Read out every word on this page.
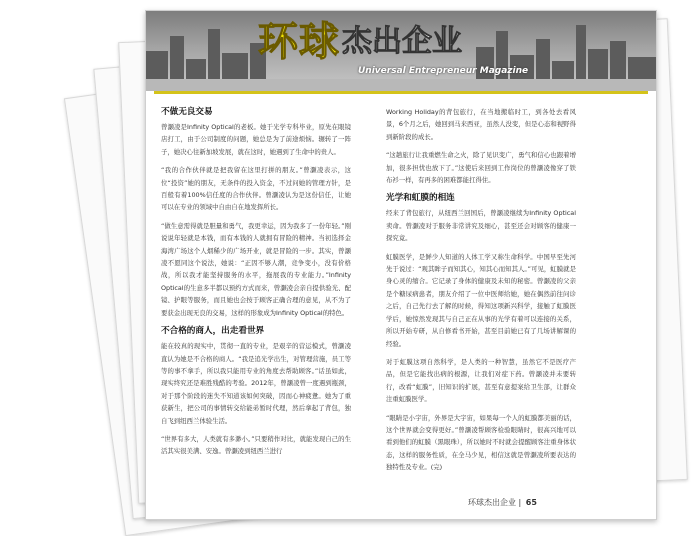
环球 杰出企业
Universal Entrepreneur Magazine
不做无良交易
曾灏凌是Infinity Optical的老板。她于光学专科毕业，原先在眼镜店打工，由于公司制度的问题，她总是为了前途烦恼。辗转了一阵子，她决心往新加坡发展，就在这时，她遇到了生命中的贵人。
“我的合作伙伴就是把我留在这里打拼的朋友。”曾灏凌表示，这位“投资”她的朋友，无条件的投入资金，不过问她的管理方针，是百般有着100%信任度的合作伙伴。曾灏凌认为是这份信任，让她可以在专业的领域中自由自在地发挥所长。
“做生意需得就是胆量和勇气，我更幸运，因为我多了一份年轻。”刚说说年轻就是本钱，而有本钱的人就拥有冒险的精神。当初选择金海湾广场这个人烟稀少的广场开业，就是冒险的一步。其实，曾灏凌不愿同这个说法，她说：“正因不够人潮，竞争变小，没有价格战，所以我才能坚持服务的水平，拖展我的专业能力。”Infinity Optical的生意多半都以预约方式而来，曾灏凌会亲自提供验光、配镜、护眼等服务，而且她也会按于顾客正确合理的意见，从不为了要获金出现无良的交易，这样的形象成为Infinity Optical的特色。
不合格的商人，出走看世界
能在较真的现实中，贯彻一直的专业，是艰辛的营运模式，曾灏凌直认为她是不合格的商人。“我是追光学出生，对管理营施，员工等等的事不拿手，所以我只能用专业的角度去帮助顾客。”话虽如此，现实终究还是难胜残酷的考验。2012年，曾灏凌曾一度遇到瓶颈，对于那个阶段的迷失不知道该如何突破，因而心神疲惫。她为了重获新生，把公司的事情转交给能弟暂时代理，然后拿起了背包，独自飞到纽西兰体验生活。
“世界有多大，人类就有多渺小。”只要稍作对比，就能发现自己的生活其实很美满、安逸。曾灏凌到纽西兰进行
Working Holiday的背包旅行，在当地搬临时工，到各处去看风景，6个月之后，她回到马来西亚，虽然人没变，但是心态和视野得到新阶段的成长。
“这趟旅行让我重燃生命之火，除了见识变广，勇气和信心也跟着增加，很多担忧也放下了。”这使后来回到工作岗位的曾灏凌像穿了铁布衫一样，有再多的困难都能扛得住。
光学和虹膜的相连
经来了背包旅行，从纽西兰回国后，曾灏凌继续为Infinity Optical卖命。曾灏凌对于服务非常讲究及细心，甚至还会对顾客的健康一探究竟。
虹膜医学，是鲜少人知道的人体工学又称生命科学。中国早至先河先于说过：“观其眸子而知其心，知其心而知其人。”可见，虹膜就是身心灵的缩合。它记录了身体的健康及未知的秘密。曾灏凌的父亲是个糖尿病患者，朋友介绍了一位中医师给她，她在偶然前往问诊之后，自己先行去了解的时候，得知这项新兴科学，接触了虹膜医学后，她惊然发现其与自己正在从事的光学有着可以连接的关系，所以开始专研，从自修看书开始，甚至目前她已有了几场讲解课的经验。
对于虹膜这项自然科学，是人类的一种智慧，虽然它不是医疗产品，但是它能找出病的根源，让我们对症下药。曾灏凌并未要转行，改看“虹膜”，旧知识的扩展，甚至有意提案给卫生部，让群众注重虹膜医学。
“眼睛是小宇宙，外界是大宇宙，如果每一个人的虹膜都美丽的话，这个世界就会变得更好。”曾灏凌帮顾客检验眼睛时，很高兴地可以看到他们的虹膜（黑眼珠），所以她时不时就会提醒顾客注重身体状态，这样的服务性质，在全马少见，相信这就是曾灏凌所要表达的独特性及专业。(完)
环球杰出企业 | 65
